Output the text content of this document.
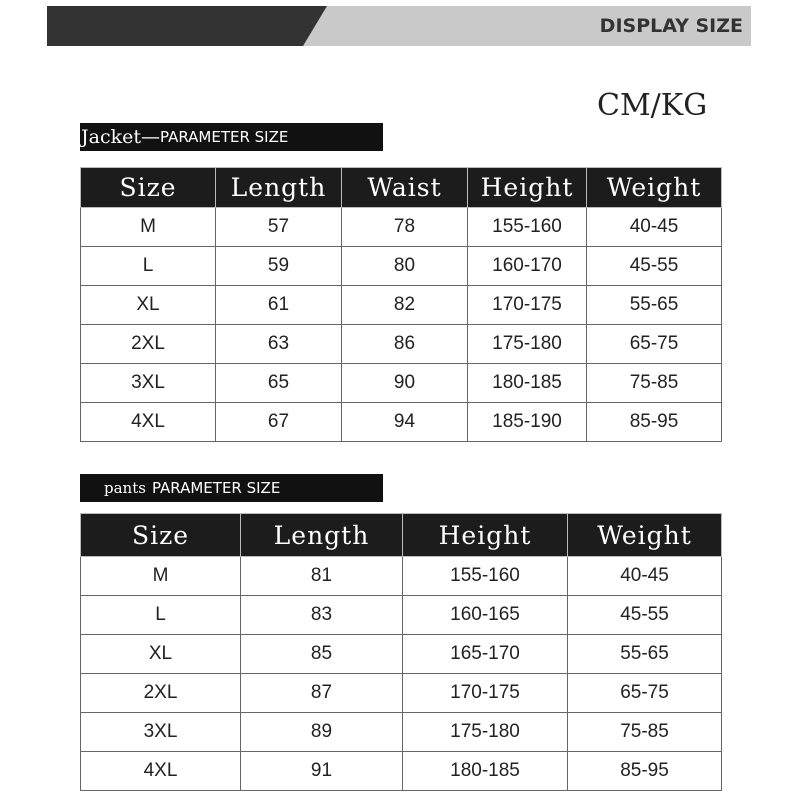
DISPLAY SIZE
CM/KG
Jacket— PARAMETER SIZE
Size	Length	Waist	Height	Weight
M	57	78	155-160	40-45
L	59	80	160-170	45-55
XL	61	82	170-175	55-65
2XL	63	86	175-180	65-75
3XL	65	90	180-185	75-85
4XL	67	94	185-190	85-95
pants PARAMETER SIZE
Size	Length	Height	Weight
M	81	155-160	40-45
L	83	160-165	45-55
XL	85	165-170	55-65
2XL	87	170-175	65-75
3XL	89	175-180	75-85
4XL	91	180-185	85-95
